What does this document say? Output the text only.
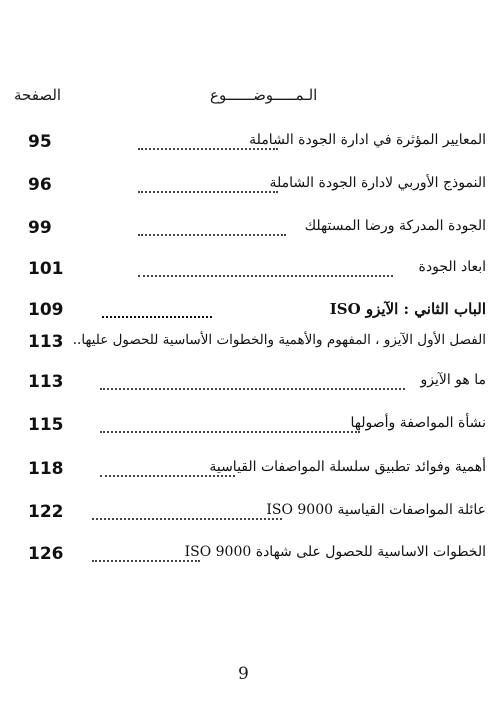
الـمـــــوضــــــوع
الصفحة
95	المعايير المؤثرة في ادارة الجودة الشاملة
96	النموذج الأوربي لادارة الجودة الشاملة
99	الجودة المدركة ورضا المستهلك
101	ابعاد الجودة
109	الباب الثاني : الآيزو ISO
113 الفصل الأول الآيزو ، المفهوم والأهمية والخطوات الأساسية للحصول عليها..
113	ما هو الآيزو
115	نشأة المواصفة وأصولها
118	أهمية وفوائد تطبيق سلسلة المواصفات القياسية
122	عائلة المواصفات القياسية ISO 9000
126	الخطوات الاساسية للحصول على شهادة ISO 9000
9
